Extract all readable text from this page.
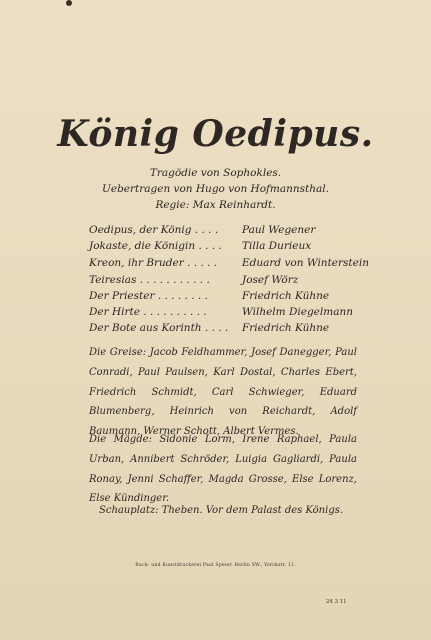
König Oedipus.
Tragödie von Sophokles.
Uebertragen von Hugo von Hofmannsthal.
Regie: Max Reinhardt.
Oedipus, der König . . . . Paul Wegener
Jokaste, die Königin . . . . Tilla Durieux
Kreon, ihr Bruder . . . . . Eduard von Winterstein
Teiresias . . . . . . . . . . .	Josef Wörz
Der Priester . . . . . . . .	Friedrich Kühne
Der Hirte . . . . . . . . . .	Wilhelm Diegelmann
Der Bote aus Korinth . . . . Friedrich Kühne
Die Greise: Jacob Feldhammer, Josef Danegger, Paul Conradi, Paul Paulsen, Karl Dostal, Charles Ebert, Friedrich Schmidt, Carl Schwieger, Eduard Blumenberg, Heinrich von Reichardt, Adolf Baumann, Werner Schott, Albert Vermes.
Die Mägde: Sidonie Lorm, Irene Raphael, Paula Urban, Annibert Schröder, Luigia Gagliardi, Paula Ronay, Jenni Schaffer, Magda Grosse, Else Lorenz, Else Kündinger.
Schauplatz: Theben. Vor dem Palast des Königs.
Buch- und Kunstdruckerei Paul Speier. Berlin SW., Yorckstr. 11.
24 3 11
